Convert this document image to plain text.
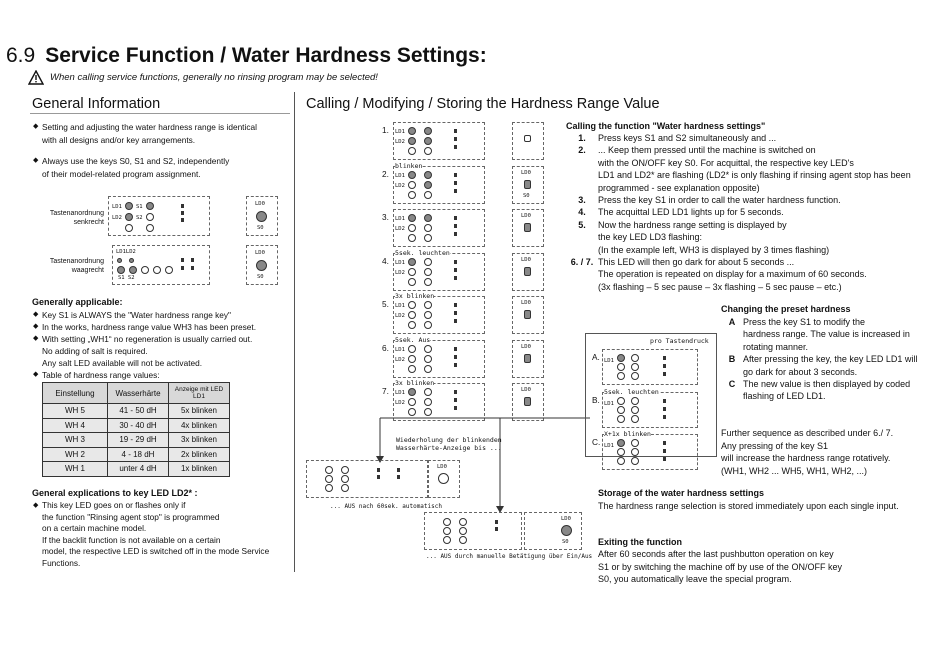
6.9 Service Function / Water Hardness Settings:
When calling service functions, generally no rinsing program may be selected!
General Information
◆ Setting and adjusting the water hardness range is identical
with all designs and/or key arrangements.
◆ Always use the keys S0, S1 and S2, independently
of their model-related program assignment.
Tastenanordnung
senkrecht
LD1	S1
LD2	S2
LD0
S0
Tastenanordnung
waagrecht
LD1LD2
S1 S2
LD0
S0
Generally applicable:
◆ Key S1 is ALWAYS the "Water hardness range key"
◆ In the works, hardness range value WH3 has been preset.
◆ With setting „WH1“ no regeneration is usually carried out.
No adding of salt is required.
Any salt LED available will not be activated.
◆ Table of hardness range values:
Einstellung	Wasserhärte	Anzeige mit LED LD1
WH 5	41 - 50 dH	5x blinken
WH 4	30 - 40 dH	4x blinken
WH 3	19 - 29 dH	3x blinken
WH 2	4 - 18 dH	2x blinken
WH 1	unter 4 dH	1x blinken
General explications to key LED LD2* :
◆ This key LED goes on or flashes only if
the function "Rinsing agent stop" is programmed
on a certain machine model.
If the backlit function is not available on a certain
model, the respective LED is switched off in the mode Service
Functions.
Calling / Modifying / Storing the Hardness Range Value
1. LD1
LD2
2. LD1
LD2
blinken
LD0
S0
3. LD1
LD2
LD0
4. LD1
LD2
5sek. leuchten
LD0
5. LD1
LD2
3x blinken
LD0
6. LD1
LD2
5sek. Aus
LD0
7. LD1
LD2
3x blinken
LD0
LD0
... AUS nach 60sek. automatisch
LD0
S0
... AUS durch manuelle Betätigung über Ein/Aus
Wiederholung der blinkenden
Wasserhärte-Anzeige bis ...
pro Tastendruck
A. LD1
B. LD1
5sek. leuchten
C. LD1
X+1x blinken
Calling the function "Water hardness settings"
1. Press keys S1 and S2 simultaneously and ...
2. ... Keep them pressed until the machine is switched on
with the ON/OFF key S0. For acquittal, the respective key LED's
LD1 and LD2* are flashing (LD2* is only flashing if rinsing agent stop has been
programmed - see explanation opposite)
3. Press the key S1 in order to call the water hardness function.
4. The acquittal LED LD1 lights up for 5 seconds.
5. Now the hardness range setting is displayed by
the key LED LD3 flashing:
(In the example left, WH3 is displayed by 3 times flashing)
6. / 7. This LED will then go dark for about 5 seconds ...
The operation is repeated on display for a maximum of 60 seconds.
(3x flashing – 5 sec pause – 3x flashing – 5 sec pause – etc.)
Changing the preset hardness
A Press the key S1 to modify the
hardness range. The value is increased in
rotating manner.
B After pressing the key, the key LED LD1 will
go dark for about 3 seconds.
C The new value is then displayed by coded
flashing of LED LD1.
Further sequence as described under 6./ 7.
Any pressing of the key S1
will increase the hardness range rotatively.
(WH1, WH2 ... WH5, WH1, WH2, ...)
Storage of the water hardness settings
The hardness range selection is stored immediately upon each single input.
Exiting the function
After 60 seconds after the last pushbutton operation on key
S1 or by switching the machine off by use of the ON/OFF key
S0, you automatically leave the special program.
